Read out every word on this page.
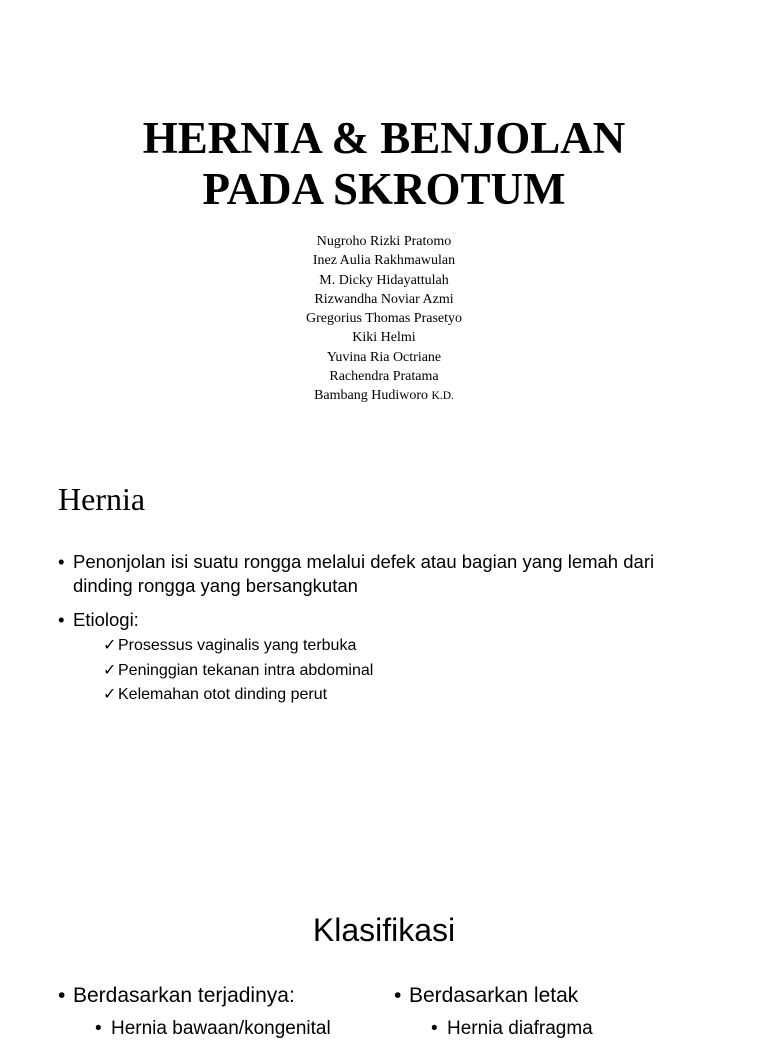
HERNIA & BENJOLAN
PADA SKROTUM
Nugroho Rizki Pratomo
Inez Aulia Rakhmawulan
M. Dicky Hidayattulah
Rizwandha Noviar Azmi
Gregorius Thomas Prasetyo
Kiki Helmi
Yuvina Ria Octriane
Rachendra Pratama
Bambang Hudiworo K.D.
Hernia
• Penonjolan isi suatu rongga melalui defek atau bagian yang lemah dari dinding rongga yang bersangkutan
• Etiologi:
✓ Prosessus vaginalis yang terbuka
✓ Peninggian tekanan intra abdominal
✓ Kelemahan otot dinding perut
Klasifikasi
• Berdasarkan terjadinya:
• Hernia bawaan/kongenital
• Berdasarkan letak
• Hernia diafragma
